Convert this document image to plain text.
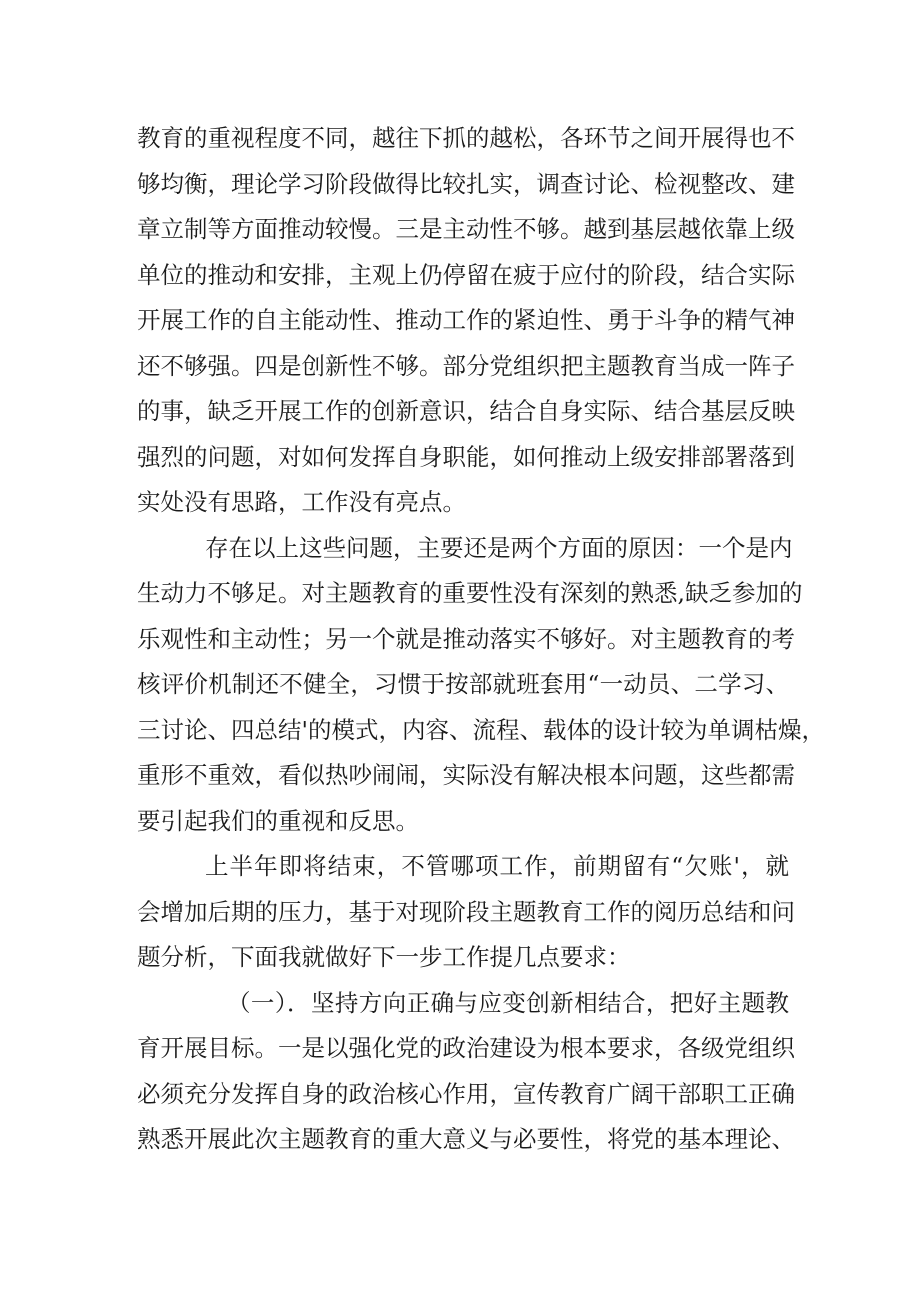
教育的重视程度不同，越往下抓的越松，各环节之间开展得也不
够均衡，理论学习阶段做得比较扎实，调查讨论、检视整改、建
章立制等方面推动较慢。三是主动性不够。越到基层越依靠上级
单位的推动和安排，主观上仍停留在疲于应付的阶段，结合实际
开展工作的自主能动性、推动工作的紧迫性、勇于斗争的精气神
还不够强。四是创新性不够。部分党组织把主题教育当成一阵子
的事，缺乏开展工作的创新意识，结合自身实际、结合基层反映
强烈的问题，对如何发挥自身职能，如何推动上级安排部署落到
实处没有思路，工作没有亮点。
存在以上这些问题，主要还是两个方面的原因：一个是内
生动力不够足。对主题教育的重要性没有深刻的熟悉,缺乏参加的
乐观性和主动性；另一个就是推动落实不够好。对主题教育的考
核评价机制还不健全，习惯于按部就班套用“一动员、二学习、
三讨论、四总结'的模式，内容、流程、载体的设计较为单调枯燥，
重形不重效，看似热吵闹闹，实际没有解决根本问题，这些都需
要引起我们的重视和反思。
上半年即将结束，不管哪项工作，前期留有“欠账'，就
会增加后期的压力，基于对现阶段主题教育工作的阅历总结和问
题分析，下面我就做好下一步工作提几点要求：
（一）．坚持方向正确与应变创新相结合，把好主题教
育开展目标。一是以强化党的政治建设为根本要求，各级党组织
必须充分发挥自身的政治核心作用，宣传教育广阔干部职工正确
熟悉开展此次主题教育的重大意义与必要性，将党的基本理论、
